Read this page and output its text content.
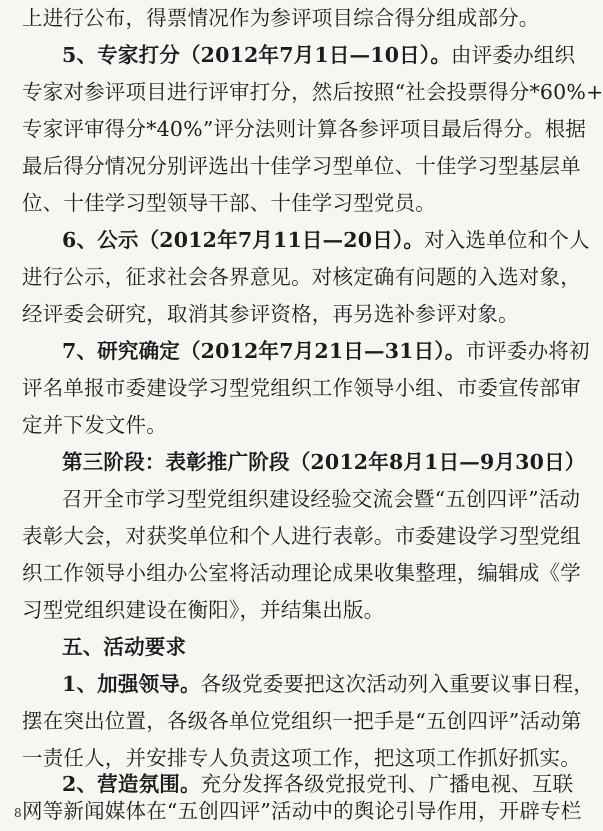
上进行公布，得票情况作为参评项目综合得分组成部分。
5、专家打分（2012年7月1日—10日）。由评委办组织
专家对参评项目进行评审打分，然后按照“社会投票得分*60%+
专家评审得分*40%”评分法则计算各参评项目最后得分。根据
最后得分情况分别评选出十佳学习型单位、十佳学习型基层单
位、十佳学习型领导干部、十佳学习型党员。
6、公示（2012年7月11日—20日）。对入选单位和个人
进行公示，征求社会各界意见。对核定确有问题的入选对象，
经评委会研究，取消其参评资格，再另选补参评对象。
7、研究确定（2012年7月21日—31日）。市评委办将初
评名单报市委建设学习型党组织工作领导小组、市委宣传部审
定并下发文件。
第三阶段：表彰推广阶段（2012年8月1日—9月30日）
召开全市学习型党组织建设经验交流会暨“五创四评”活动
表彰大会，对获奖单位和个人进行表彰。市委建设学习型党组
织工作领导小组办公室将活动理论成果收集整理，编辑成《学
习型党组织建设在衡阳》，并结集出版。
五、活动要求
1、加强领导。各级党委要把这次活动列入重要议事日程，
摆在突出位置，各级各单位党组织一把手是“五创四评”活动第
一责任人，并安排专人负责这项工作，把这项工作抓好抓实。
2、营造氛围。充分发挥各级党报党刊、广播电视、互联
网等新闻媒体在“五创四评”活动中的舆论引导作用，开辟专栏
8
